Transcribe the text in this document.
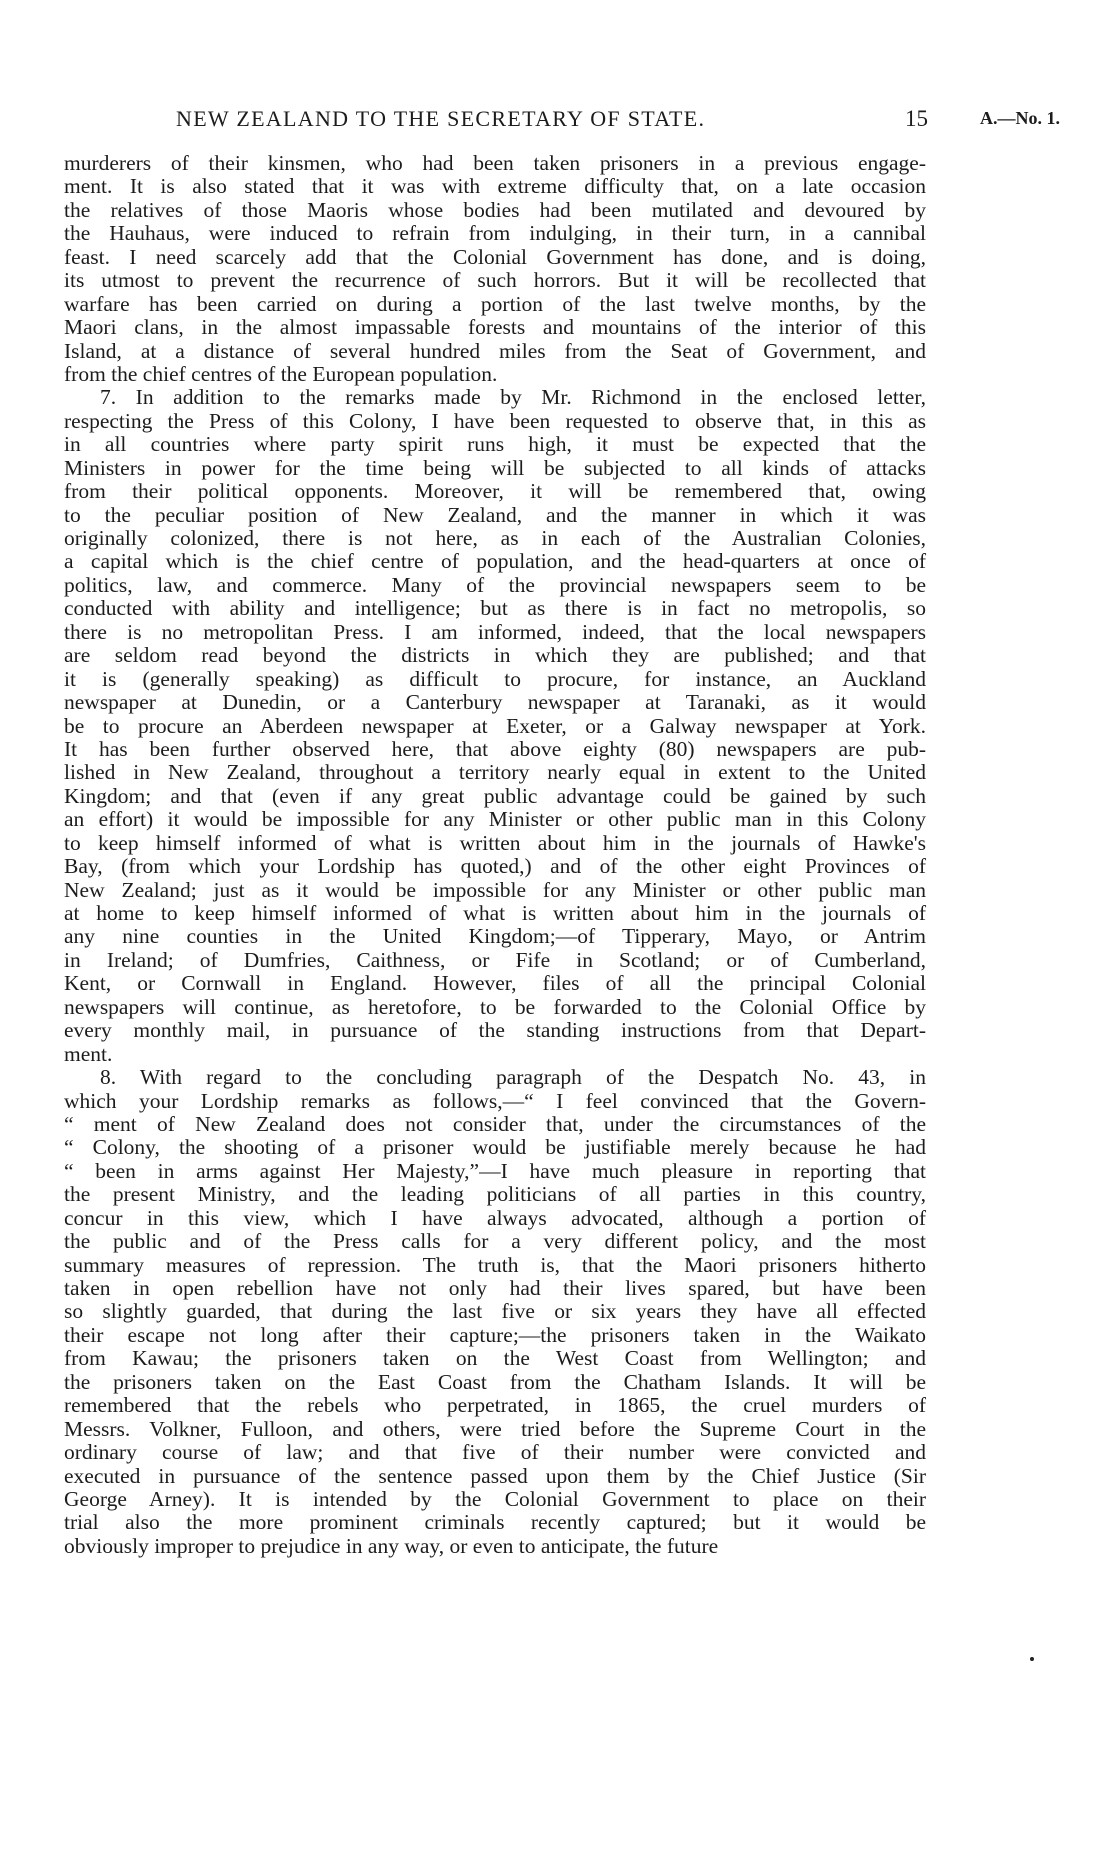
NEW ZEALAND TO THE SECRETARY OF STATE.	15	A.—No. 1.
murderers of their kinsmen, who had been taken prisoners in a previous engage-
ment. It is also stated that it was with extreme difficulty that, on a late occasion
the relatives of those Maoris whose bodies had been mutilated and devoured by
the Hauhaus, were induced to refrain from indulging, in their turn, in a cannibal
feast. I need scarcely add that the Colonial Government has done, and is doing,
its utmost to prevent the recurrence of such horrors. But it will be recollected that
warfare has been carried on during a portion of the last twelve months, by the
Maori clans, in the almost impassable forests and mountains of the interior of this
Island, at a distance of several hundred miles from the Seat of Government, and
from the chief centres of the European population.
7. In addition to the remarks made by Mr. Richmond in the enclosed letter,
respecting the Press of this Colony, I have been requested to observe that, in this as
in all countries where party spirit runs high, it must be expected that the
Ministers in power for the time being will be subjected to all kinds of attacks
from their political opponents. Moreover, it will be remembered that, owing
to the peculiar position of New Zealand, and the manner in which it was
originally colonized, there is not here, as in each of the Australian Colonies,
a capital which is the chief centre of population, and the head-quarters at once of
politics, law, and commerce. Many of the provincial newspapers seem to be
conducted with ability and intelligence; but as there is in fact no metropolis, so
there is no metropolitan Press. I am informed, indeed, that the local newspapers
are seldom read beyond the districts in which they are published; and that
it is (generally speaking) as difficult to procure, for instance, an Auckland
newspaper at Dunedin, or a Canterbury newspaper at Taranaki, as it would
be to procure an Aberdeen newspaper at Exeter, or a Galway newspaper at York.
It has been further observed here, that above eighty (80) newspapers are pub-
lished in New Zealand, throughout a territory nearly equal in extent to the United
Kingdom; and that (even if any great public advantage could be gained by such
an effort) it would be impossible for any Minister or other public man in this Colony
to keep himself informed of what is written about him in the journals of Hawke's
Bay, (from which your Lordship has quoted,) and of the other eight Provinces of
New Zealand; just as it would be impossible for any Minister or other public man
at home to keep himself informed of what is written about him in the journals of
any nine counties in the United Kingdom;—of Tipperary, Mayo, or Antrim
in Ireland; of Dumfries, Caithness, or Fife in Scotland; or of Cumberland,
Kent, or Cornwall in England. However, files of all the principal Colonial
newspapers will continue, as heretofore, to be forwarded to the Colonial Office by
every monthly mail, in pursuance of the standing instructions from that Depart-
ment.
8. With regard to the concluding paragraph of the Despatch No. 43, in
which your Lordship remarks as follows,—“ I feel convinced that the Govern-
“ ment of New Zealand does not consider that, under the circumstances of the
“ Colony, the shooting of a prisoner would be justifiable merely because he had
“ been in arms against Her Majesty,”—I have much pleasure in reporting that
the present Ministry, and the leading politicians of all parties in this country,
concur in this view, which I have always advocated, although a portion of
the public and of the Press calls for a very different policy, and the most
summary measures of repression. The truth is, that the Maori prisoners hitherto
taken in open rebellion have not only had their lives spared, but have been
so slightly guarded, that during the last five or six years they have all effected
their escape not long after their capture;—the prisoners taken in the Waikato
from Kawau; the prisoners taken on the West Coast from Wellington; and
the prisoners taken on the East Coast from the Chatham Islands. It will be
remembered that the rebels who perpetrated, in 1865, the cruel murders of
Messrs. Volkner, Fulloon, and others, were tried before the Supreme Court in the
ordinary course of law; and that five of their number were convicted and
executed in pursuance of the sentence passed upon them by the Chief Justice (Sir
George Arney). It is intended by the Colonial Government to place on their
trial also the more prominent criminals recently captured; but it would be
obviously improper to prejudice in any way, or even to anticipate, the future
